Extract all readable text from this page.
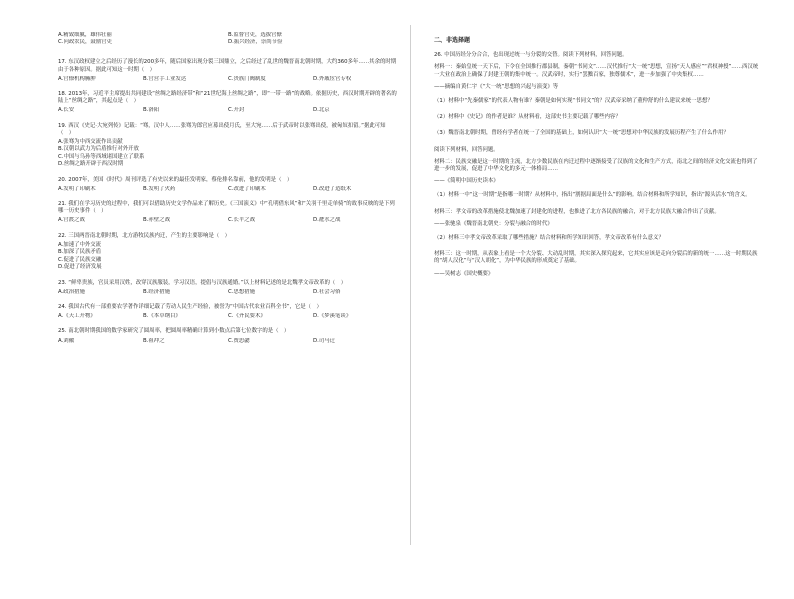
A.精致细腻，雄伟壮丽	B.监督官吏，选拔官僚
C.问政农民，鼓励官吏	D.振兴经济，崇尚节俭
17. 东汉政权建立之后经历了漫长的200多年，随后国家出现分裂三国鼎立，之后经过了乱世的魏晋南北朝时期，大约360多年……其余的时期由于各种原因。据此可知这一时期（　）
A.官僚机构臃肿	B.官营手工业发达	C.贵族门阀制度	D.外戚宦官专权
18. 2013年，习近平主席提出共同建设“丝绸之路经济带”和“21世纪海上丝绸之路”，即“一带一路”的战略。依据历史，西汉时期开辟的著名的陆上“丝绸之路”，其起点是（　）
A.长安	B.洛阳	C.开封	D.北京
19. 西汉《史记·大宛列传》记载：“骞，汉中人……张骞为郎官应募出使月氏，至大宛……后于武帝时以张骞出使，被匈奴扣留。”据此可知（　）
A.张骞为中西交流作出贡献
B.汉朝以武力为后盾推行对外开放
C.中国与乌孙等西域诸国建立了联系
D.丝绸之路开辟于西汉时期
20. 2007年，美国《时代》周刊评选了有史以来的最佳发明家，蔡伦排名靠前，他的发明是（　）
A.发明了印刷术	B.发明了火药	C.改进了印刷术	D.改进了造纸术
21. 我们在学习历史的过程中，我们可以借助历史文学作品来了解历史。《三国演义》中“孔明借东风”和“关羽千里走单骑”的故事反映的是下列哪一历史事件（　）
A.官渡之战	B.赤壁之战	C.长平之战	D.淝水之战
22. 三国两晋南北朝时期，北方游牧民族内迁，产生的主要影响是（　）
A.加速了中外交流
B.加深了民族矛盾
C.促进了民族交融
D.促进了经济发展
23. “鲜卑贵族，官员采用汉姓，改穿汉族服装，学习汉语，提倡与汉族通婚。”以上材料记述的是北魏孝文帝改革的（　）
A.政治措施	B.经济措施	C.思想措施	D.社会习俗
24. 我国古代有一部重要农学著作详细记载了劳动人民生产经验，被誉为“中国古代农业百科全书”，它是（　）
A.《天工开物》	B.《本草纲目》	C.《齐民要术》	D.《梦溪笔谈》
25. 南北朝时期我国的数学家研究了圆周率，把圆周率精确计算到小数点后第七位数字的是（　）
A.刘徽	B.祖冲之	C.贾思勰	D.司马迁
二、非选择题
26. 中国历经分分合合，也出现过统一与分裂的交替。阅读下列材料，回答问题。
材料一：秦始皇统一天下后，下令在全国推行郡县制，秦朝“书同文”……汉代推行“大一统”思想，宣扬“天人感应”“君权神授”……西汉统一大业在政治上确保了封建王朝的集中统一。汉武帝时，实行“罢黜百家，独尊儒术”，进一步加强了中央集权……
——摘编自黄仁宇《“大一统”思想的兴起与演变》等
（1）材料中“先秦儒家”的代表人物有谁？秦朝是如何实现“书同文”的？汉武帝采纳了董仲舒的什么建议来统一思想？
（2）材料中《史记》的作者是谁？从材料看，这部史书主要记载了哪些内容？
（3）魏晋南北朝时期，曾经有学者在统一了全国的基础上，如何认识“大一统”思想对中华民族的发展历程产生了什么作用？
阅读下列材料，回答问题。
材料二：民族交融是这一时期的主流，北方少数民族在内迁过程中逐渐接受了汉族的文化和生产方式，南北之间的经济文化交流也得到了进一步的发展，促进了中华文化的多元一体格局……
——《简明中国历史读本》
（1）材料一中“这一时期”是指哪一时期？从材料中，指出“割据局面是什么”的影响。结合材料和所学知识，指出“源头活水”的含义。
材料三：孝文帝的改革措施使北魏加速了封建化的进程，也推进了北方各民族的融合，对于北方民族大融合作出了贡献。
——张驰泉《魏晋南北朝史：分裂与融合的时代》
（2）材料三中孝文帝改革采取了哪些措施？结合材料和所学知识回答，孝文帝改革有什么意义？
材料三：这一时期，从表象上看是一个大分裂、大动乱时期，其实深入探究起来，它其实应该是走向分裂后的新的统一……这一时期民族的“胡人汉化”与“汉人胡化”，为中华民族的形成奠定了基础。
——吴树志《国史概要》
